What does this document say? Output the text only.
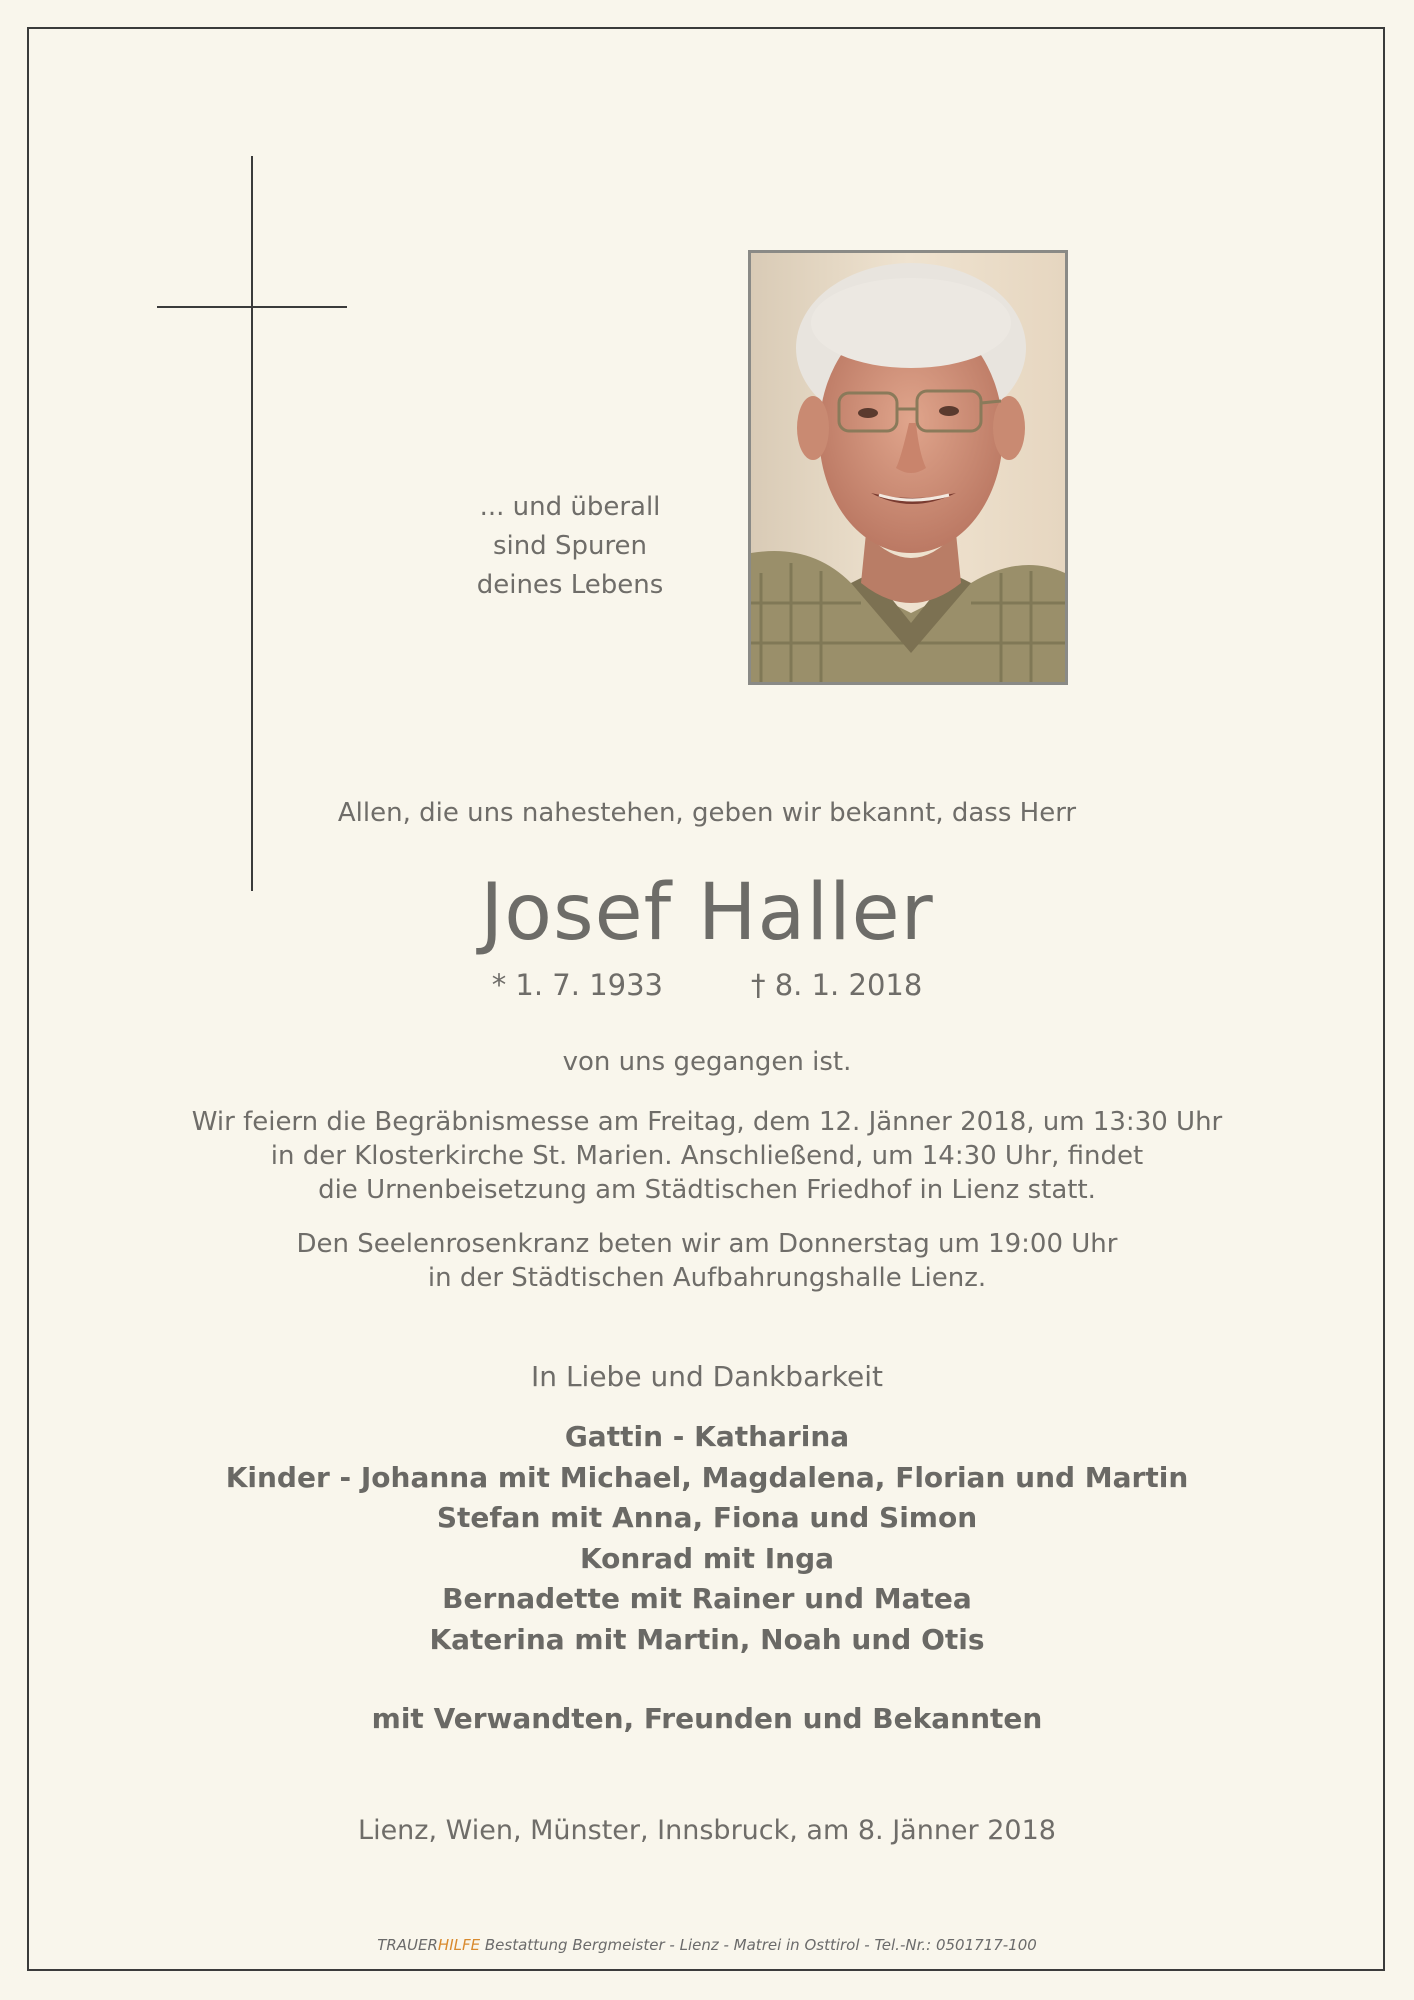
... und überall
sind Spuren
deines Lebens
Allen, die uns nahestehen, geben wir bekannt, dass Herr
Josef Haller
* 1. 7. 1933	† 8. 1. 2018
von uns gegangen ist.
Wir feiern die Begräbnismesse am Freitag, dem 12. Jänner 2018, um 13:30 Uhr
in der Klosterkirche St. Marien. Anschließend, um 14:30 Uhr, findet
die Urnenbeisetzung am Städtischen Friedhof in Lienz statt.
Den Seelenrosenkranz beten wir am Donnerstag um 19:00 Uhr
in der Städtischen Aufbahrungshalle Lienz.
In Liebe und Dankbarkeit
Gattin - Katharina
Kinder - Johanna mit Michael, Magdalena, Florian und Martin
Stefan mit Anna, Fiona und Simon
Konrad mit Inga
Bernadette mit Rainer und Matea
Katerina mit Martin, Noah und Otis
mit Verwandten, Freunden und Bekannten
Lienz, Wien, Münster, Innsbruck, am 8. Jänner 2018
TRAUERHILFE Bestattung Bergmeister - Lienz - Matrei in Osttirol - Tel.-Nr.: 0501717-100
